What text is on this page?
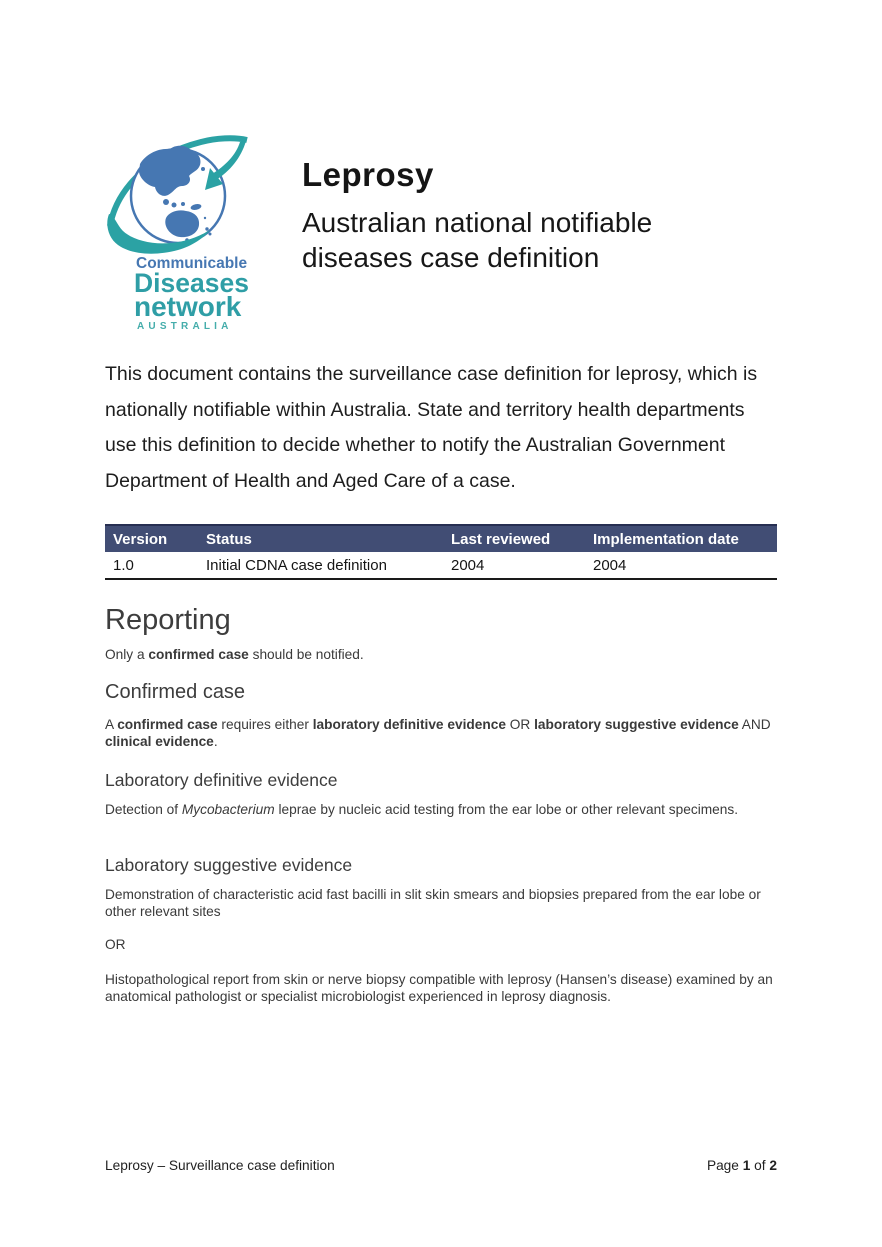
Communicable
Diseases
network
AUSTRALIA
Leprosy
Australian national notifiable diseases case definition
This document contains the surveillance case definition for leprosy, which is nationally notifiable within Australia. State and territory health departments use this definition to decide whether to notify the Australian Government Department of Health and Aged Care of a case.
Version	Status	Last reviewed	Implementation date
1.0	Initial CDNA case definition	2004	2004
Reporting
Only a confirmed case should be notified.
Confirmed case
A confirmed case requires either laboratory definitive evidence OR laboratory suggestive evidence AND clinical evidence.
Laboratory definitive evidence
Detection of Mycobacterium leprae by nucleic acid testing from the ear lobe or other relevant specimens.
Laboratory suggestive evidence
Demonstration of characteristic acid fast bacilli in slit skin smears and biopsies prepared from the ear lobe or other relevant sites
OR
Histopathological report from skin or nerve biopsy compatible with leprosy (Hansen’s disease) examined by an anatomical pathologist or specialist microbiologist experienced in leprosy diagnosis.
Leprosy – Surveillance case definition	Page 1 of 2
